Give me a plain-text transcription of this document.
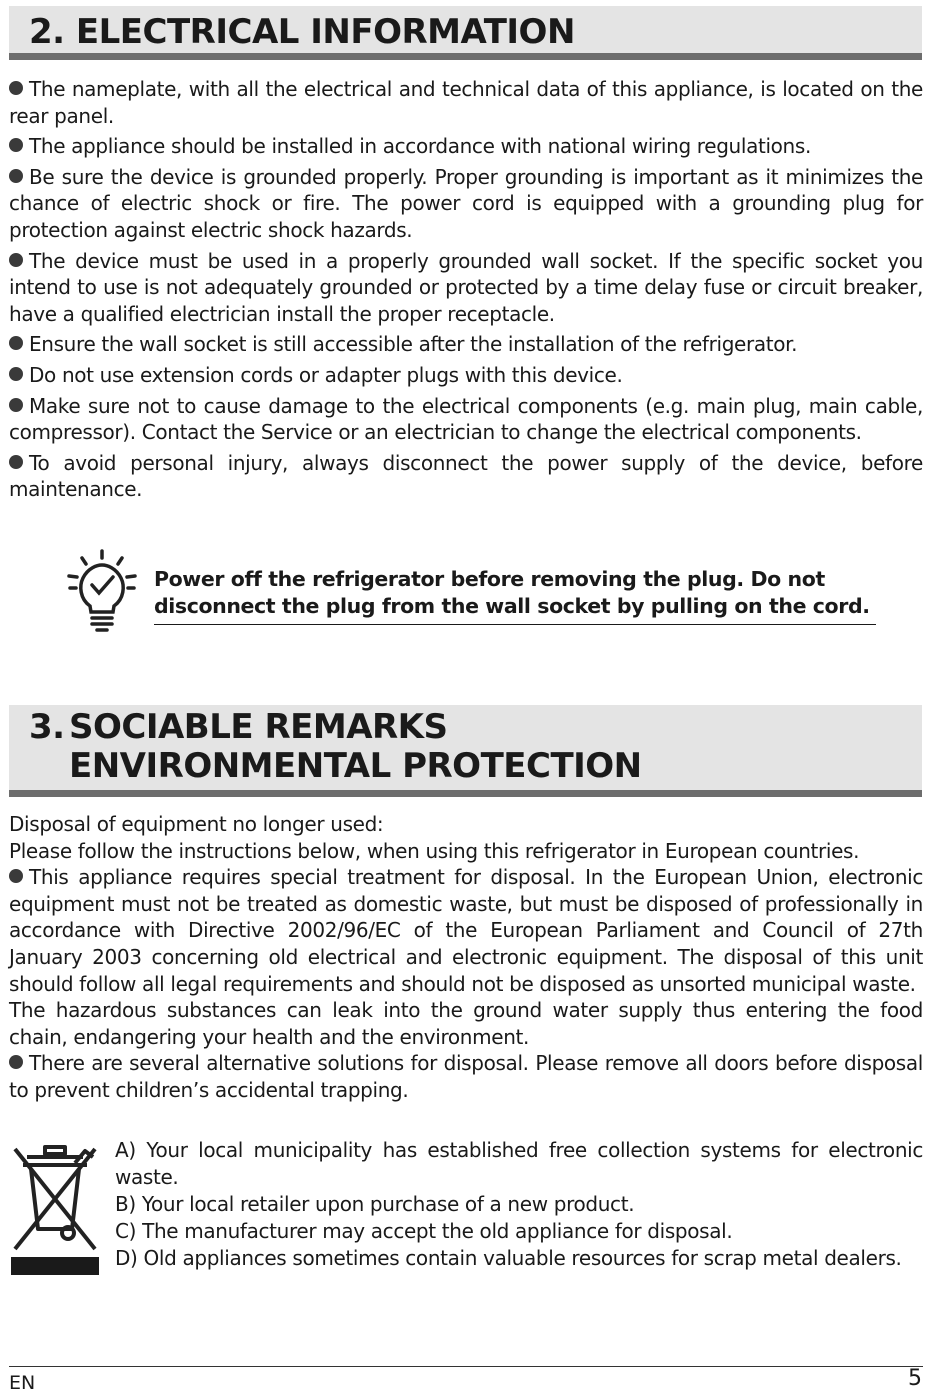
2. ELECTRICAL INFORMATION

The nameplate, with all the electrical and technical data of this appliance, is located on the rear panel.

The appliance should be installed in accordance with national wiring regulations.

Be sure the device is grounded properly. Proper grounding is important as it minimizes the chance of electric shock or fire. The power cord is equipped with a grounding plug for protection against electric shock hazards.

The device must be used in a properly grounded wall socket. If the specific socket you intend to use is not adequately grounded or protected by a time delay fuse or circuit breaker, have a qualified electrician install the proper receptacle.

Ensure the wall socket is still accessible after the installation of the refrigerator.

Do not use extension cords or adapter plugs with this device.

Make sure not to cause damage to the electrical components (e.g. main plug, main cable, compressor). Contact the Service or an electrician to change the electrical components.

To avoid personal injury, always disconnect the power supply of the device, before maintenance.

Power off the refrigerator before removing the plug. Do not disconnect the plug from the wall socket by pulling on the cord.
3. SOCIABLE REMARKS
ENVIRONMENTAL PROTECTION

Disposal of equipment no longer used:

Please follow the instructions below, when using this refrigerator in European countries.

This appliance requires special treatment for disposal. In the European Union, electronic equipment must not be treated as domestic waste, but must be disposed of professionally in accordance with Directive 2002/96/EC of the European Parliament and Council of 27th January 2003 concerning old electrical and electronic equipment. The disposal of this unit should follow all legal requirements and should not be disposed as unsorted municipal waste.

The hazardous substances can leak into the ground water supply thus entering the food chain, endangering your health and the environment.

There are several alternative solutions for disposal. Please remove all doors before disposal to prevent children’s accidental trapping.

A) Your local municipality has established free collection systems for electronic waste.
B) Your local retailer upon purchase of a new product.
C) The manufacturer may accept the old appliance for disposal.
D) Old appliances sometimes contain valuable resources for scrap metal dealers.
EN	5
